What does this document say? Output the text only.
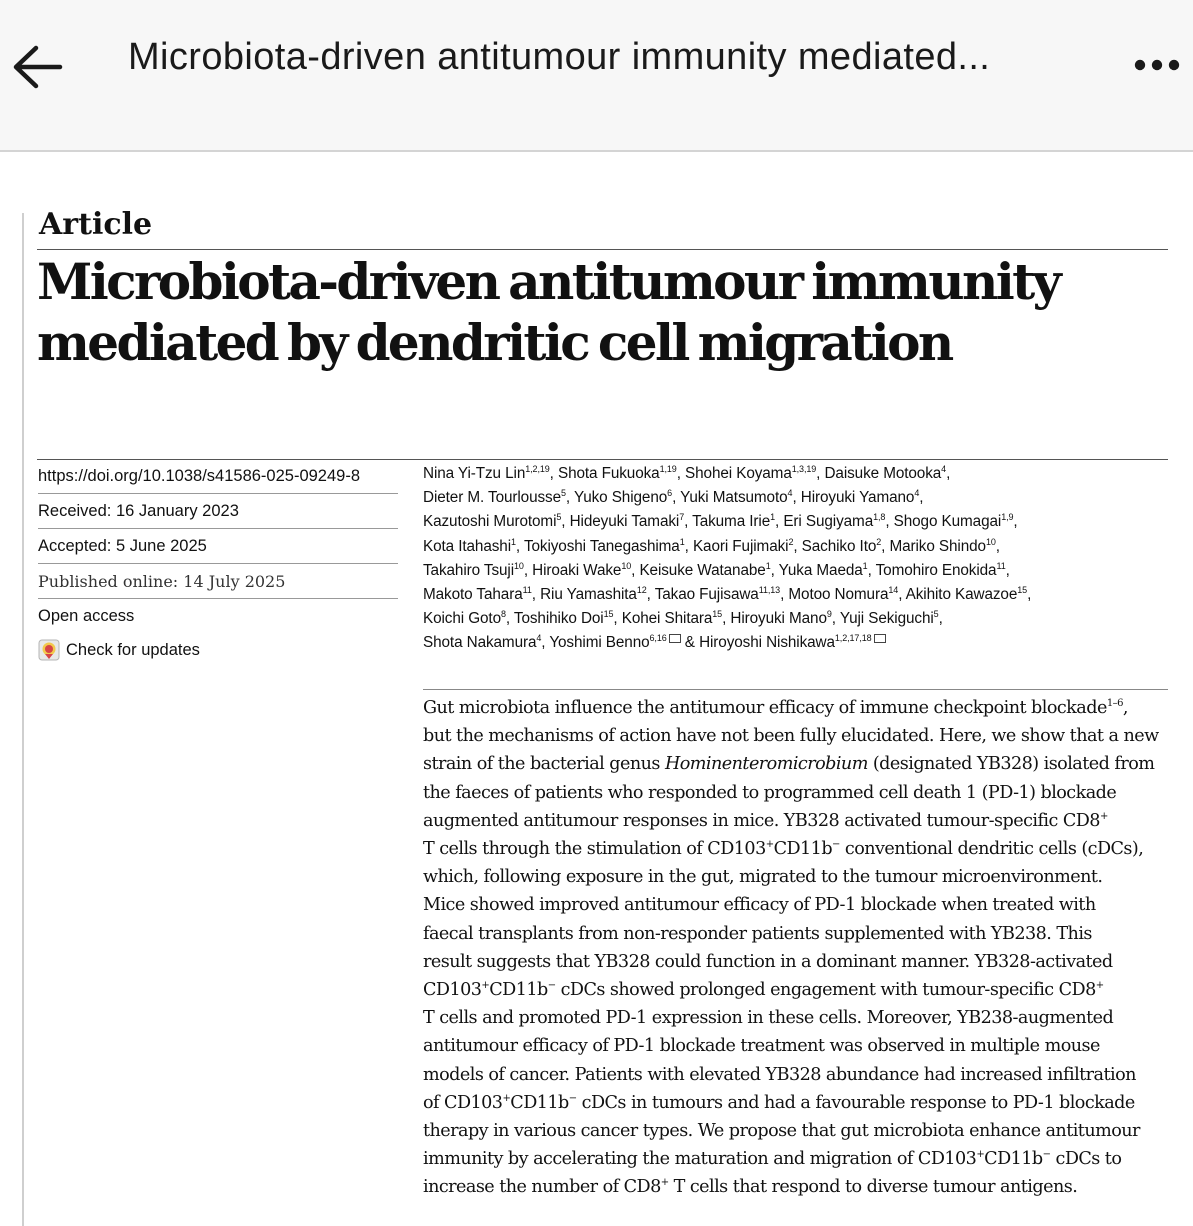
Microbiota-driven antitumour immunity mediated...
Article
Microbiota-driven antitumour immunity mediated by dendritic cell migration
https://doi.org/10.1038/s41586-025-09249-8
Received: 16 January 2023
Accepted: 5 June 2025
Published online: 14 July 2025
Open access
Check for updates
Nina Yi-Tzu Lin$^{1,2,19}$, Shota Fukuoka$^{1,19}$, Shohei Koyama$^{1,3,19}$, Daisuke Motooka$^4$,
Dieter M. Tourlousse$^5$, Yuko Shigeno$^6$, Yuki Matsumoto$^4$, Hiroyuki Yamano$^4$,
Kazutoshi Murotomi$^5$, Hideyuki Tamaki$^7$, Takuma Irie$^1$, Eri Sugiyama$^{1,8}$, Shogo Kumagai$^{1,9}$,
Kota Itahashi$^1$, Tokiyoshi Tanegashima$^1$, Kaori Fujimaki$^2$, Sachiko Ito$^2$, Mariko Shindo$^{10}$,
Takahiro Tsuji$^{10}$, Hiroaki Wake$^{10}$, Keisuke Watanabe$^1$, Yuka Maeda$^1$, Tomohiro Enokida$^{11}$,
Makoto Tahara$^{11}$, Riu Yamashita$^{12}$, Takao Fujisawa$^{11,13}$, Motoo Nomura$^{14}$, Akihito Kawazoe$^{15}$,
Koichi Goto$^8$, Toshihiko Doi$^{15}$, Kohei Shitara$^{15}$, Hiroyuki Mano$^9$, Yuji Sekiguchi$^5$,
Shota Nakamura$^4$, Yoshimi Benno$^{6,16}$ & Hiroyoshi Nishikawa$^{1,2,17,18}$
Gut microbiota influence the antitumour efficacy of immune checkpoint blockade$^{1-6}$,
but the mechanisms of action have not been fully elucidated. Here, we show that a new
strain of the bacterial genus Hominenteromicrobium (designated YB328) isolated from
the faeces of patients who responded to programmed cell death 1 (PD-1) blockade
augmented antitumour responses in mice. YB328 activated tumour-specific CD8+
T cells through the stimulation of CD103+CD11b− conventional dendritic cells (cDCs),
which, following exposure in the gut, migrated to the tumour microenvironment.
Mice showed improved antitumour efficacy of PD-1 blockade when treated with
faecal transplants from non-responder patients supplemented with YB238. This
result suggests that YB328 could function in a dominant manner. YB328-activated
CD103+CD11b− cDCs showed prolonged engagement with tumour-specific CD8+
T cells and promoted PD-1 expression in these cells. Moreover, YB238-augmented
antitumour efficacy of PD-1 blockade treatment was observed in multiple mouse
models of cancer. Patients with elevated YB328 abundance had increased infiltration
of CD103+CD11b− cDCs in tumours and had a favourable response to PD-1 blockade
therapy in various cancer types. We propose that gut microbiota enhance antitumour
immunity by accelerating the maturation and migration of CD103+CD11b− cDCs to
increase the number of CD8+ T cells that respond to diverse tumour antigens.
